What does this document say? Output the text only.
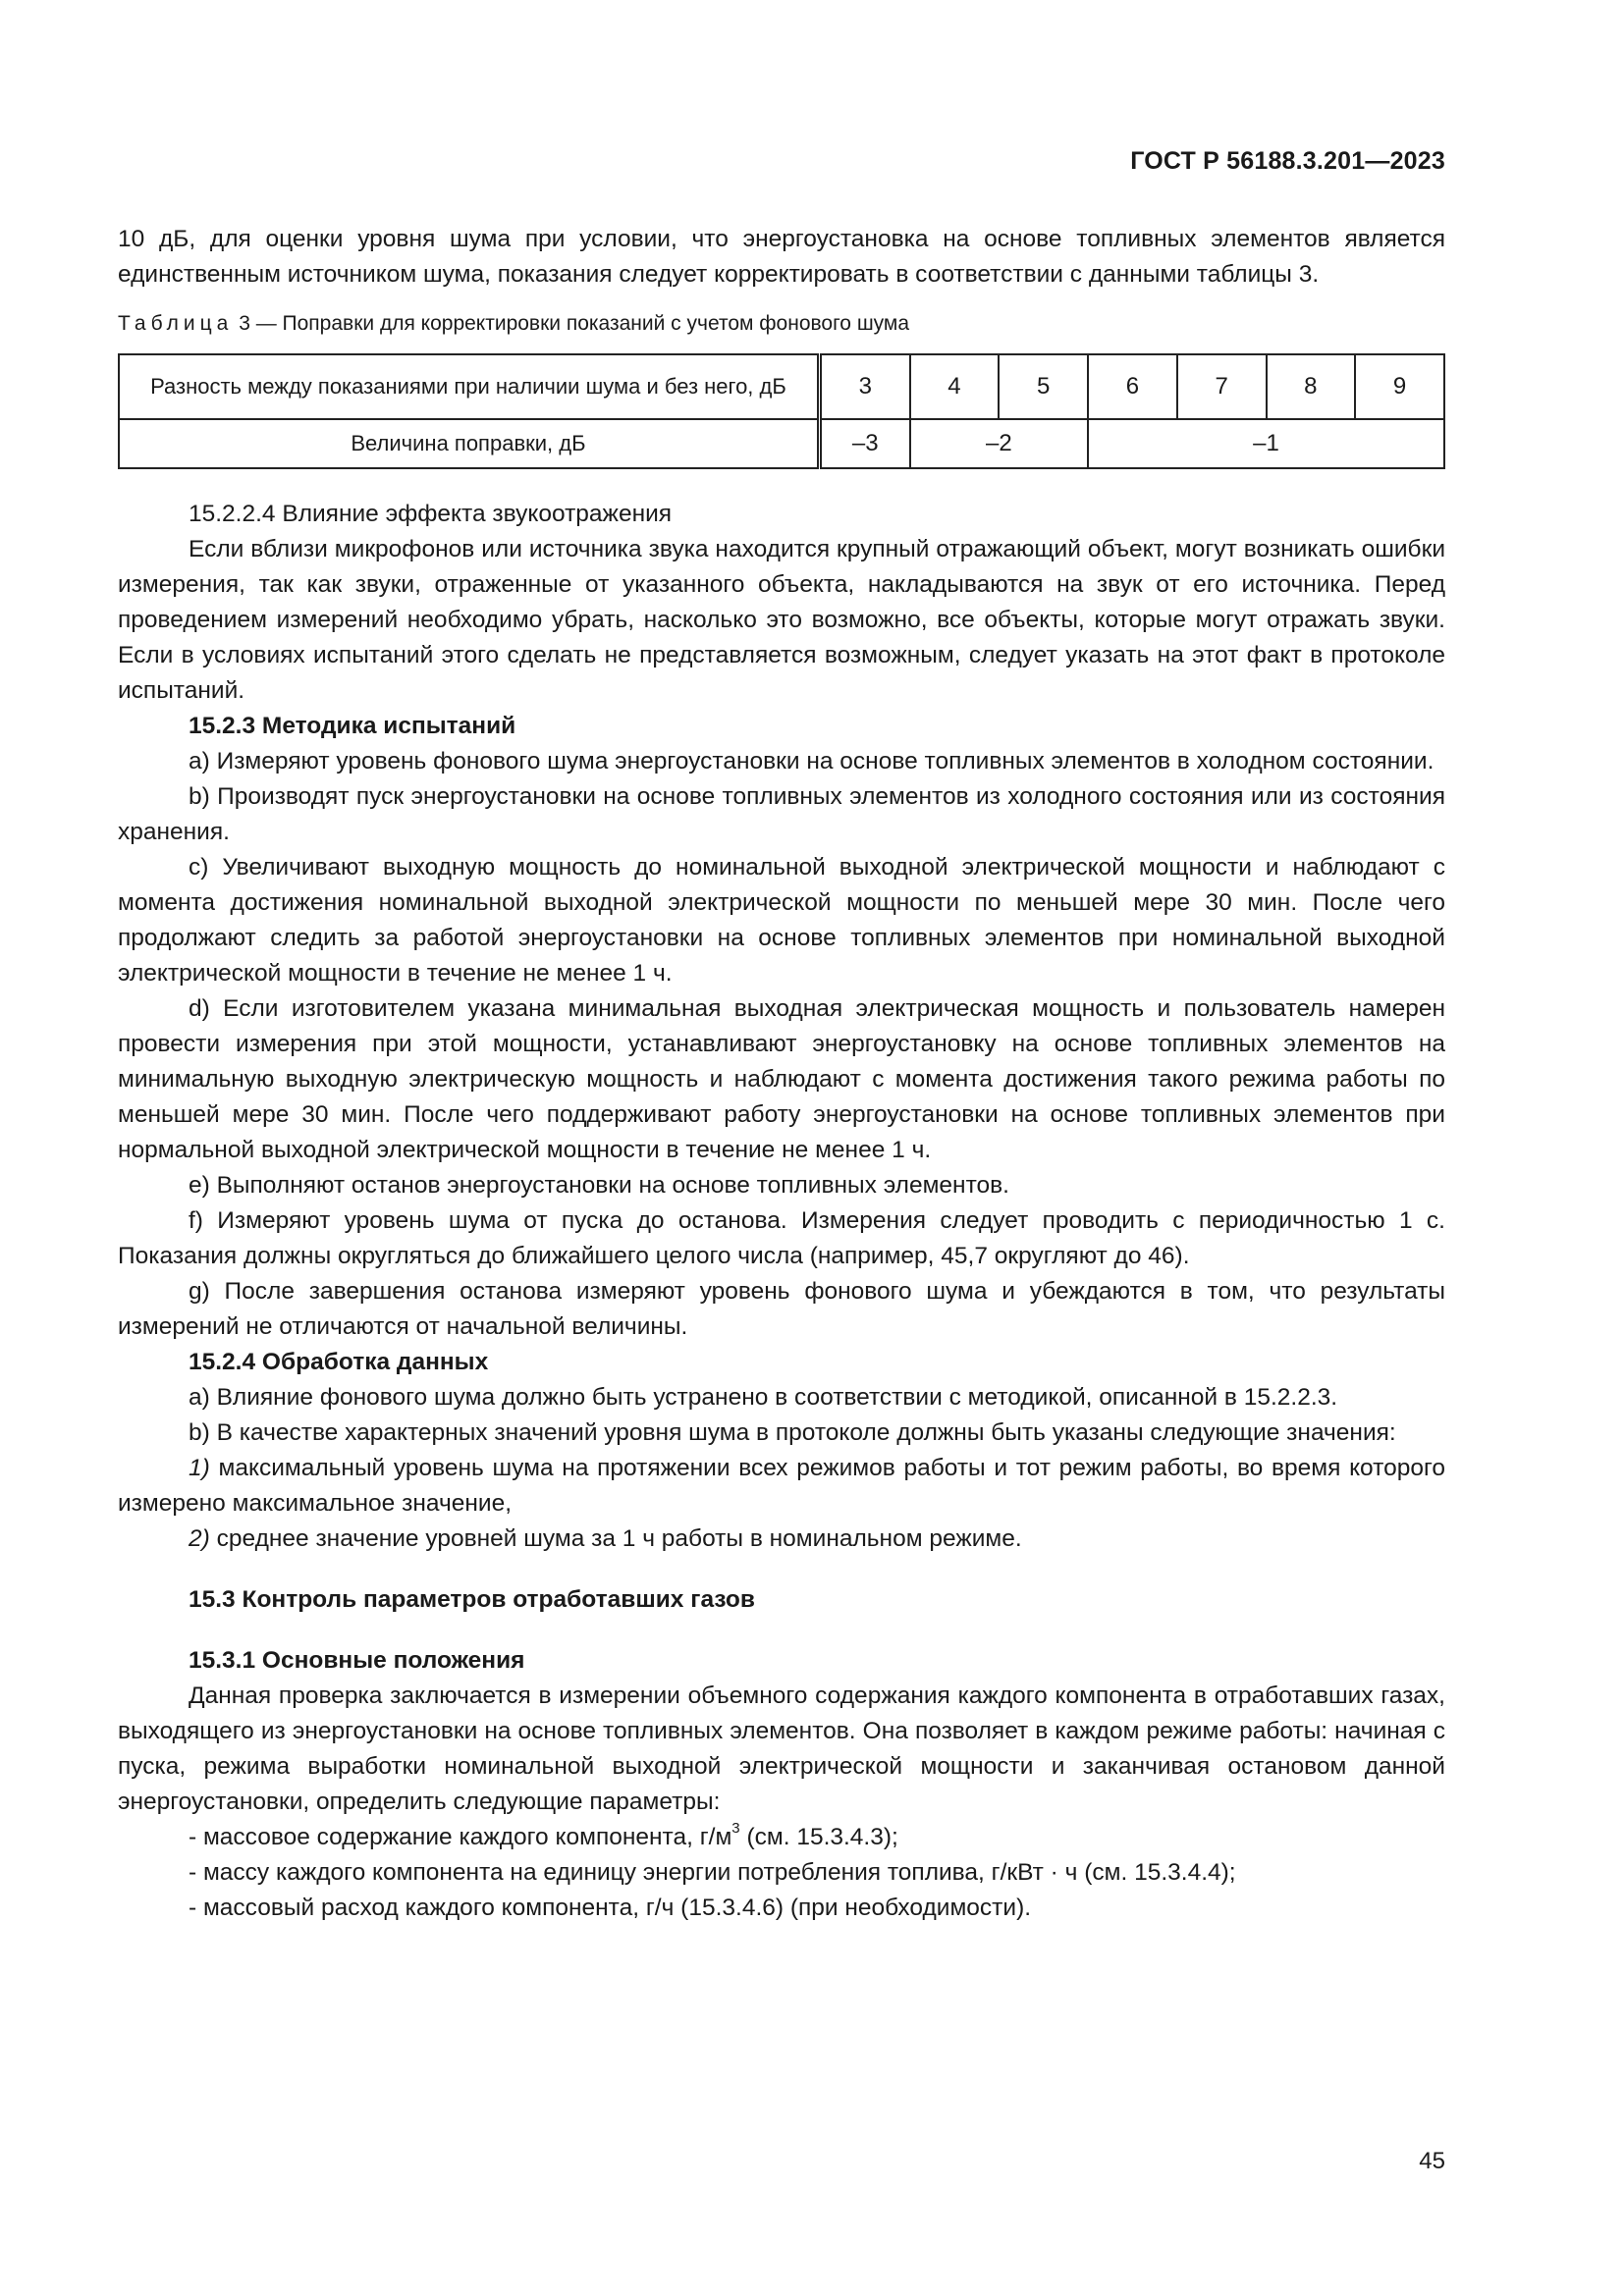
ГОСТ Р 56188.3.201—2023

10 дБ, для оценки уровня шума при условии, что энергоустановка на основе топливных элементов является единственным источником шума, показания следует корректировать в соответствии с данными таблицы 3.

Таблица 3 — Поправки для корректировки показаний с учетом фонового шума

Разность между показаниями при наличии шума и без него, дБ	3	4	5	6	7	8	9
Величина поправки, дБ	–3	–2		–1			

15.2.2.4 Влияние эффекта звукоотражения

Если вблизи микрофонов или источника звука находится крупный отражающий объект, могут возникать ошибки измерения, так как звуки, отраженные от указанного объекта, накладываются на звук от его источника. Перед проведением измерений необходимо убрать, насколько это возможно, все объекты, которые могут отражать звуки. Если в условиях испытаний этого сделать не представляется возможным, следует указать на этот факт в протоколе испытаний.

15.2.3 Методика испытаний

a) Измеряют уровень фонового шума энергоустановки на основе топливных элементов в холодном состоянии.

b) Производят пуск энергоустановки на основе топливных элементов из холодного состояния или из состояния хранения.

c) Увеличивают выходную мощность до номинальной выходной электрической мощности и наблюдают с момента достижения номинальной выходной электрической мощности по меньшей мере 30 мин. После чего продолжают следить за работой энергоустановки на основе топливных элементов при номинальной выходной электрической мощности в течение не менее 1 ч.

d) Если изготовителем указана минимальная выходная электрическая мощность и пользователь намерен провести измерения при этой мощности, устанавливают энергоустановку на основе топливных элементов на минимальную выходную электрическую мощность и наблюдают с момента достижения такого режима работы по меньшей мере 30 мин. После чего поддерживают работу энергоустановки на основе топливных элементов при нормальной выходной электрической мощности в течение не менее 1 ч.

e) Выполняют останов энергоустановки на основе топливных элементов.

f) Измеряют уровень шума от пуска до останова. Измерения следует проводить с периодичностью 1 с. Показания должны округляться до ближайшего целого числа (например, 45,7 округляют до 46).

g) После завершения останова измеряют уровень фонового шума и убеждаются в том, что результаты измерений не отличаются от начальной величины.

15.2.4 Обработка данных

a) Влияние фонового шума должно быть устранено в соответствии с методикой, описанной в 15.2.2.3.

b) В качестве характерных значений уровня шума в протоколе должны быть указаны следующие значения:

1) максимальный уровень шума на протяжении всех режимов работы и тот режим работы, во время которого измерено максимальное значение,

2) среднее значение уровней шума за 1 ч работы в номинальном режиме.

15.3 Контроль параметров отработавших газов

15.3.1 Основные положения

Данная проверка заключается в измерении объемного содержания каждого компонента в отработавших газах, выходящего из энергоустановки на основе топливных элементов. Она позволяет в каждом режиме работы: начиная с пуска, режима выработки номинальной выходной электрической мощности и заканчивая остановом данной энергоустановки, определить следующие параметры:

- массовое содержание каждого компонента, $г/м^3$ (см. 15.3.4.3);

- массу каждого компонента на единицу энергии потребления топлива, г/кВт · ч (см. 15.3.4.4);

- массовый расход каждого компонента, г/ч (15.3.4.6) (при необходимости).

45
